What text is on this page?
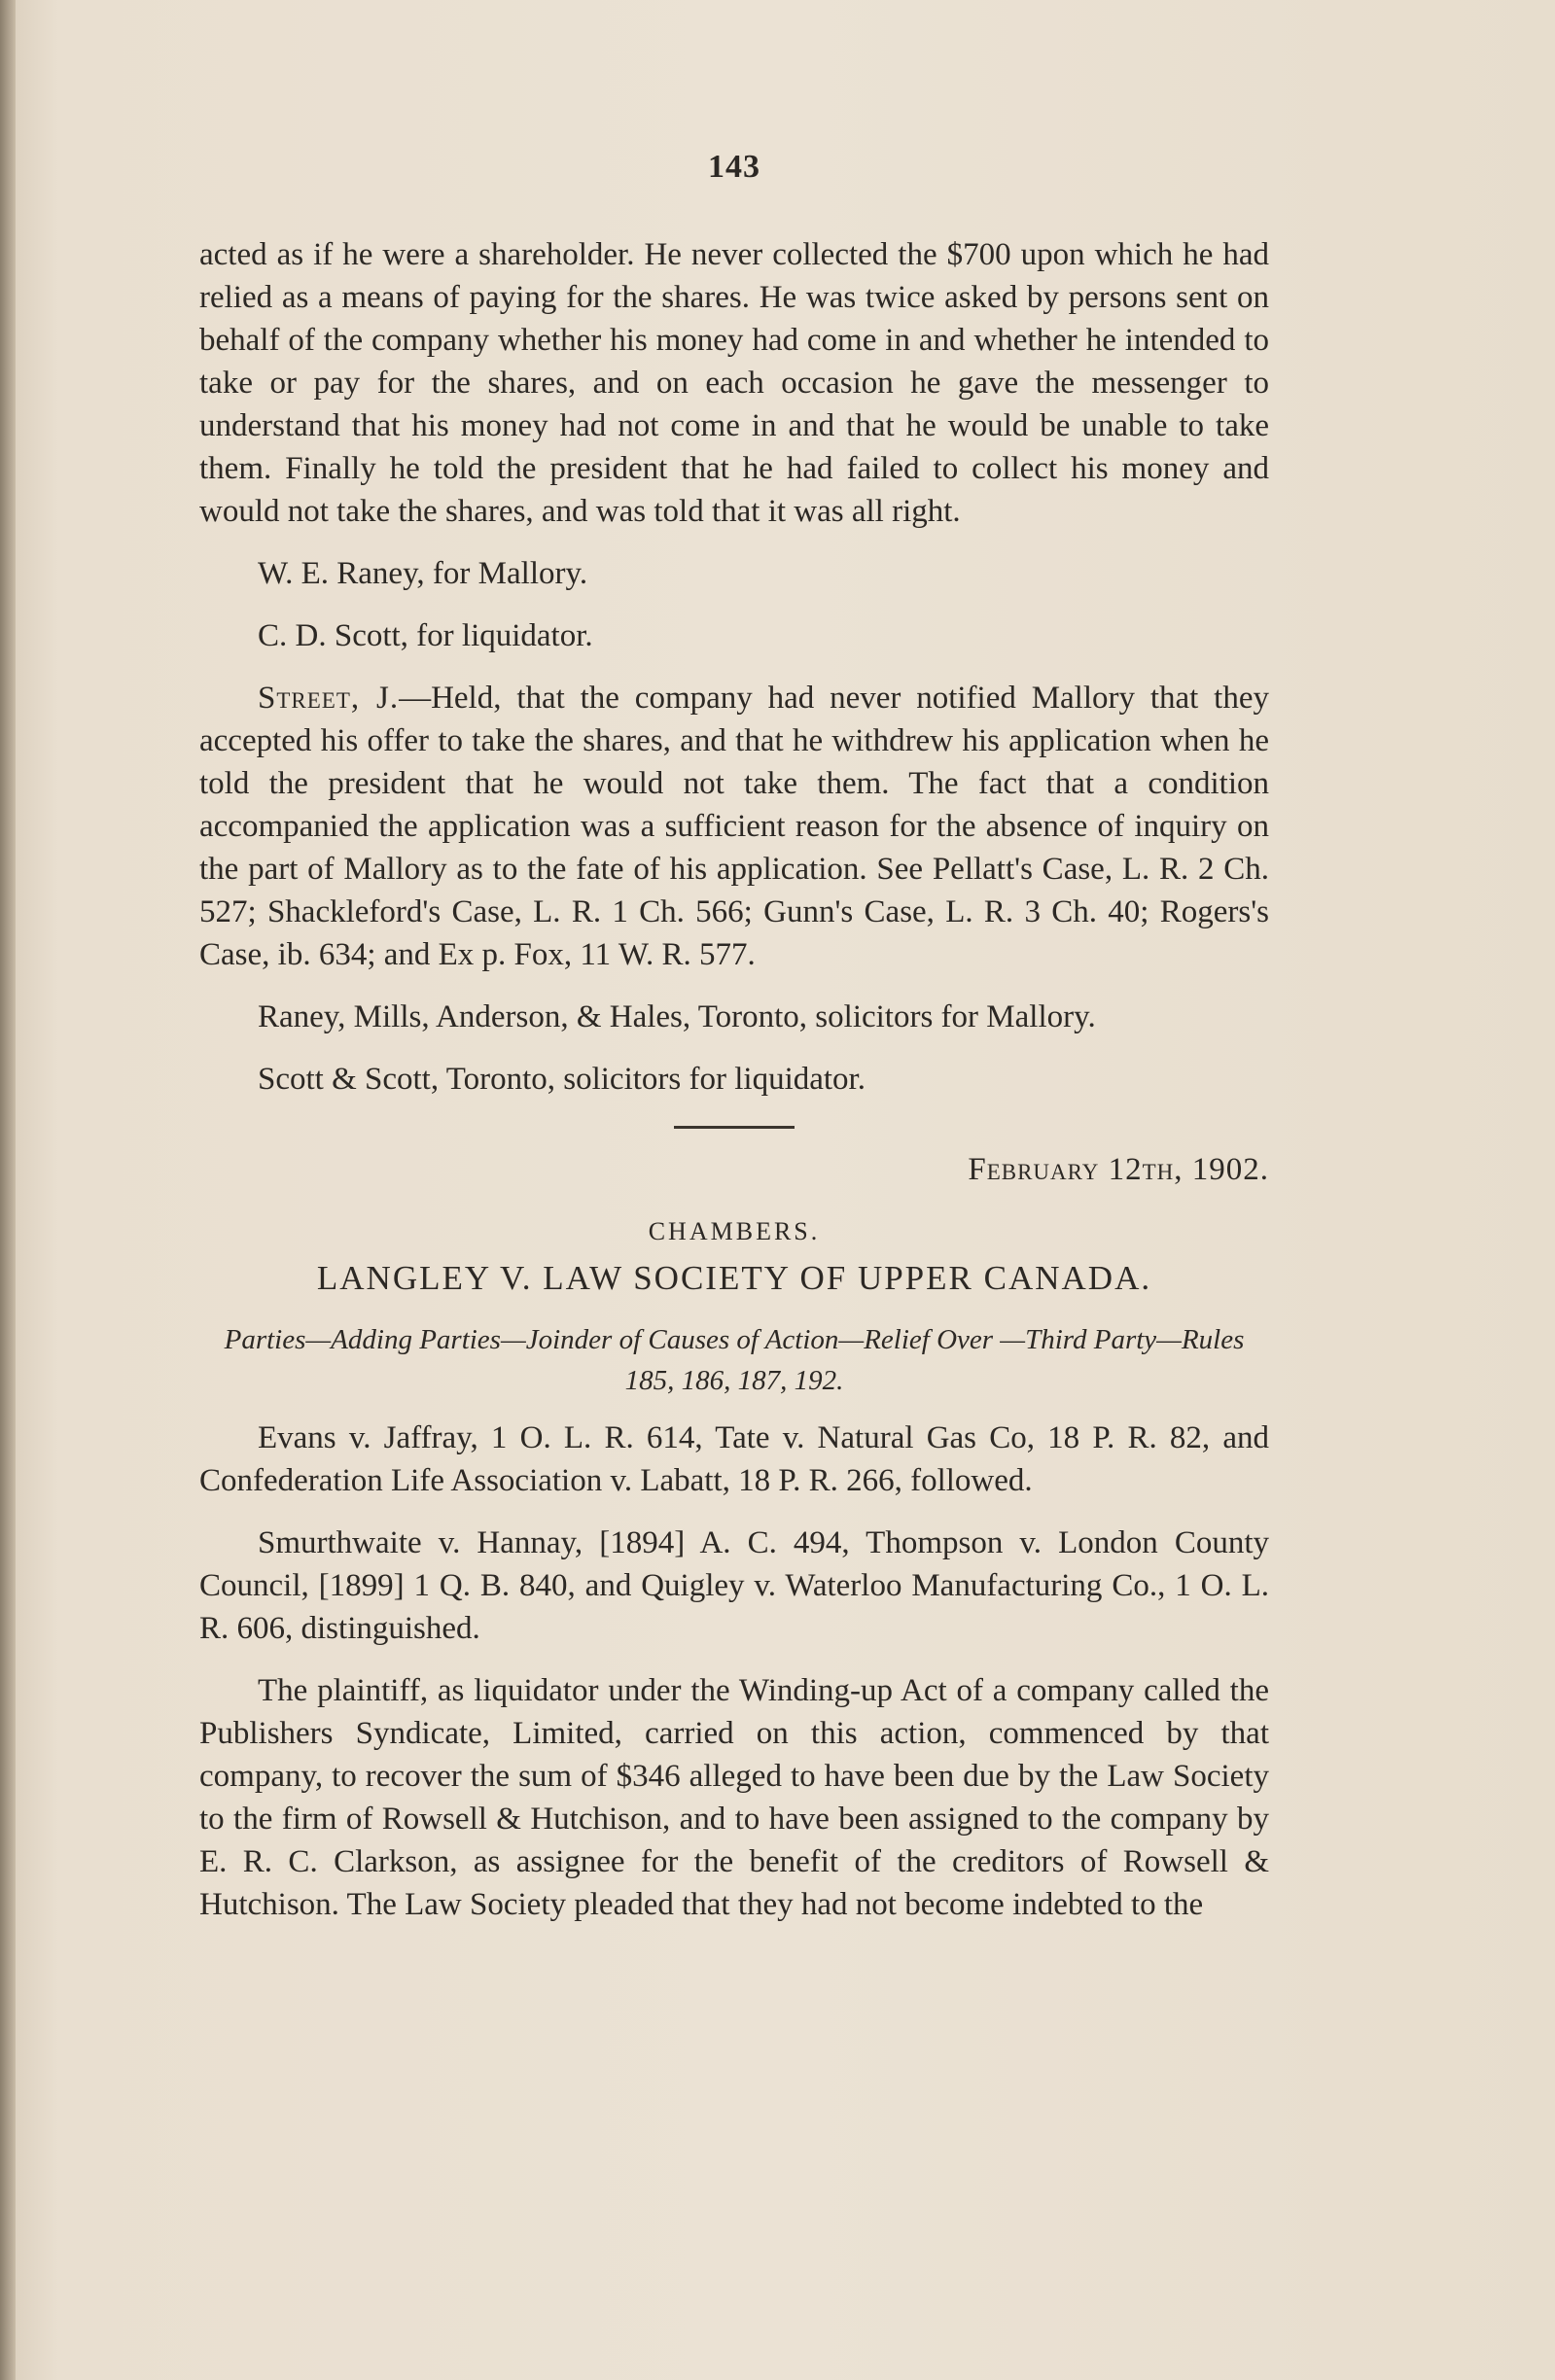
143

acted as if he were a shareholder. He never collected the $700 upon which he had relied as a means of paying for the shares. He was twice asked by persons sent on behalf of the company whether his money had come in and whether he intended to take or pay for the shares, and on each occasion he gave the messenger to understand that his money had not come in and that he would be unable to take them. Finally he told the president that he had failed to collect his money and would not take the shares, and was told that it was all right.

W. E. Raney, for Mallory.

C. D. Scott, for liquidator.

Street, J.—Held, that the company had never notified Mallory that they accepted his offer to take the shares, and that he withdrew his application when he told the president that he would not take them. The fact that a condition accompanied the application was a sufficient reason for the absence of inquiry on the part of Mallory as to the fate of his application. See Pellatt's Case, L. R. 2 Ch. 527; Shackleford's Case, L. R. 1 Ch. 566; Gunn's Case, L. R. 3 Ch. 40; Rogers's Case, ib. 634; and Ex p. Fox, 11 W. R. 577.

Raney, Mills, Anderson, & Hales, Toronto, solicitors for Mallory.

Scott & Scott, Toronto, solicitors for liquidator.

February 12th, 1902.

CHAMBERS.
LANGLEY V. LAW SOCIETY OF UPPER CANADA.
Parties—Adding Parties—Joinder of Causes of Action—Relief Over —Third Party—Rules 185, 186, 187, 192.

Evans v. Jaffray, 1 O. L. R. 614, Tate v. Natural Gas Co, 18 P. R. 82, and Confederation Life Association v. Labatt, 18 P. R. 266, followed.

Smurthwaite v. Hannay, [1894] A. C. 494, Thompson v. London County Council, [1899] 1 Q. B. 840, and Quigley v. Waterloo Manufacturing Co., 1 O. L. R. 606, distinguished.

The plaintiff, as liquidator under the Winding-up Act of a company called the Publishers Syndicate, Limited, carried on this action, commenced by that company, to recover the sum of $346 alleged to have been due by the Law Society to the firm of Rowsell & Hutchison, and to have been assigned to the company by E. R. C. Clarkson, as assignee for the benefit of the creditors of Rowsell & Hutchison. The Law Society pleaded that they had not become indebted to the
